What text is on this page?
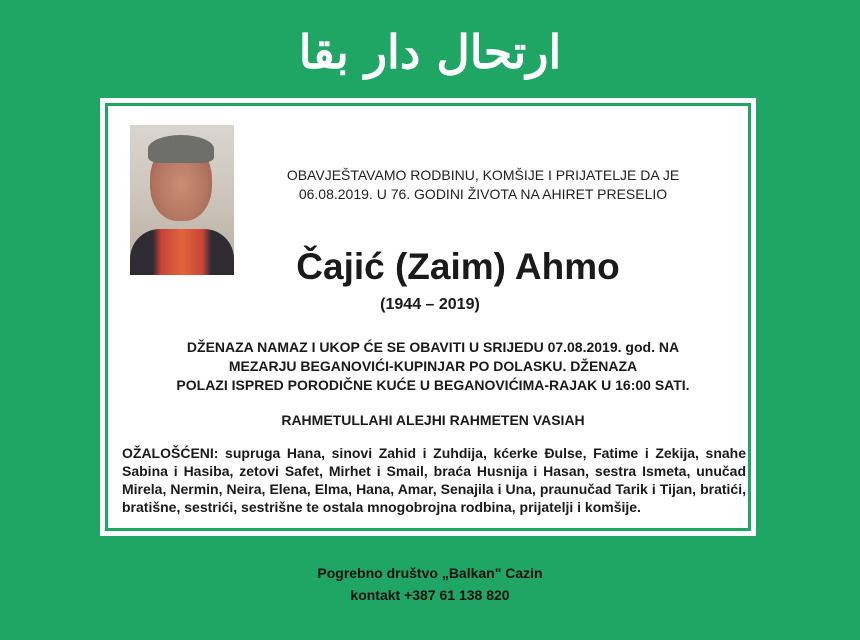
ارتحال دار بقا
OBAVJEŠTAVAMO RODBINU, KOMŠIJE I PRIJATELJE DA JE
06.08.2019. U 76. GODINI ŽIVOTA NA AHIRET PRESELIO
Čajić (Zaim) Ahmo
(1944 – 2019)
DŽENAZA NAMAZ I UKOP ĆE SE OBAVITI U SRIJEDU 07.08.2019. god. NA
MEZARJU BEGANOVIĆI-KUPINJAR PO DOLASKU. DŽENAZA
POLAZI ISPRED PORODIČNE KUĆE U BEGANOVIĆIMA-RAJAK U 16:00 SATI.
RAHMETULLAHI ALEJHI RAHMETEN VASIAH
OŽALOŠĆENI: supruga Hana, sinovi Zahid i Zuhdija, kćerke Đulse, Fatime i Zekija, snahe Sabina i Hasiba, zetovi Safet, Mirhet i Smail, braća Husnija i Hasan, sestra Ismeta, unučad Mirela, Nermin, Neira, Elena, Elma, Hana, Amar, Senajila i Una, praunučad Tarik i Tijan, bratići, bratišne, sestrići, sestrišne te ostala mnogobrojna rodbina, prijatelji i komšije.
Pogrebno društvo „Balkan" Cazin
kontakt +387 61 138 820
